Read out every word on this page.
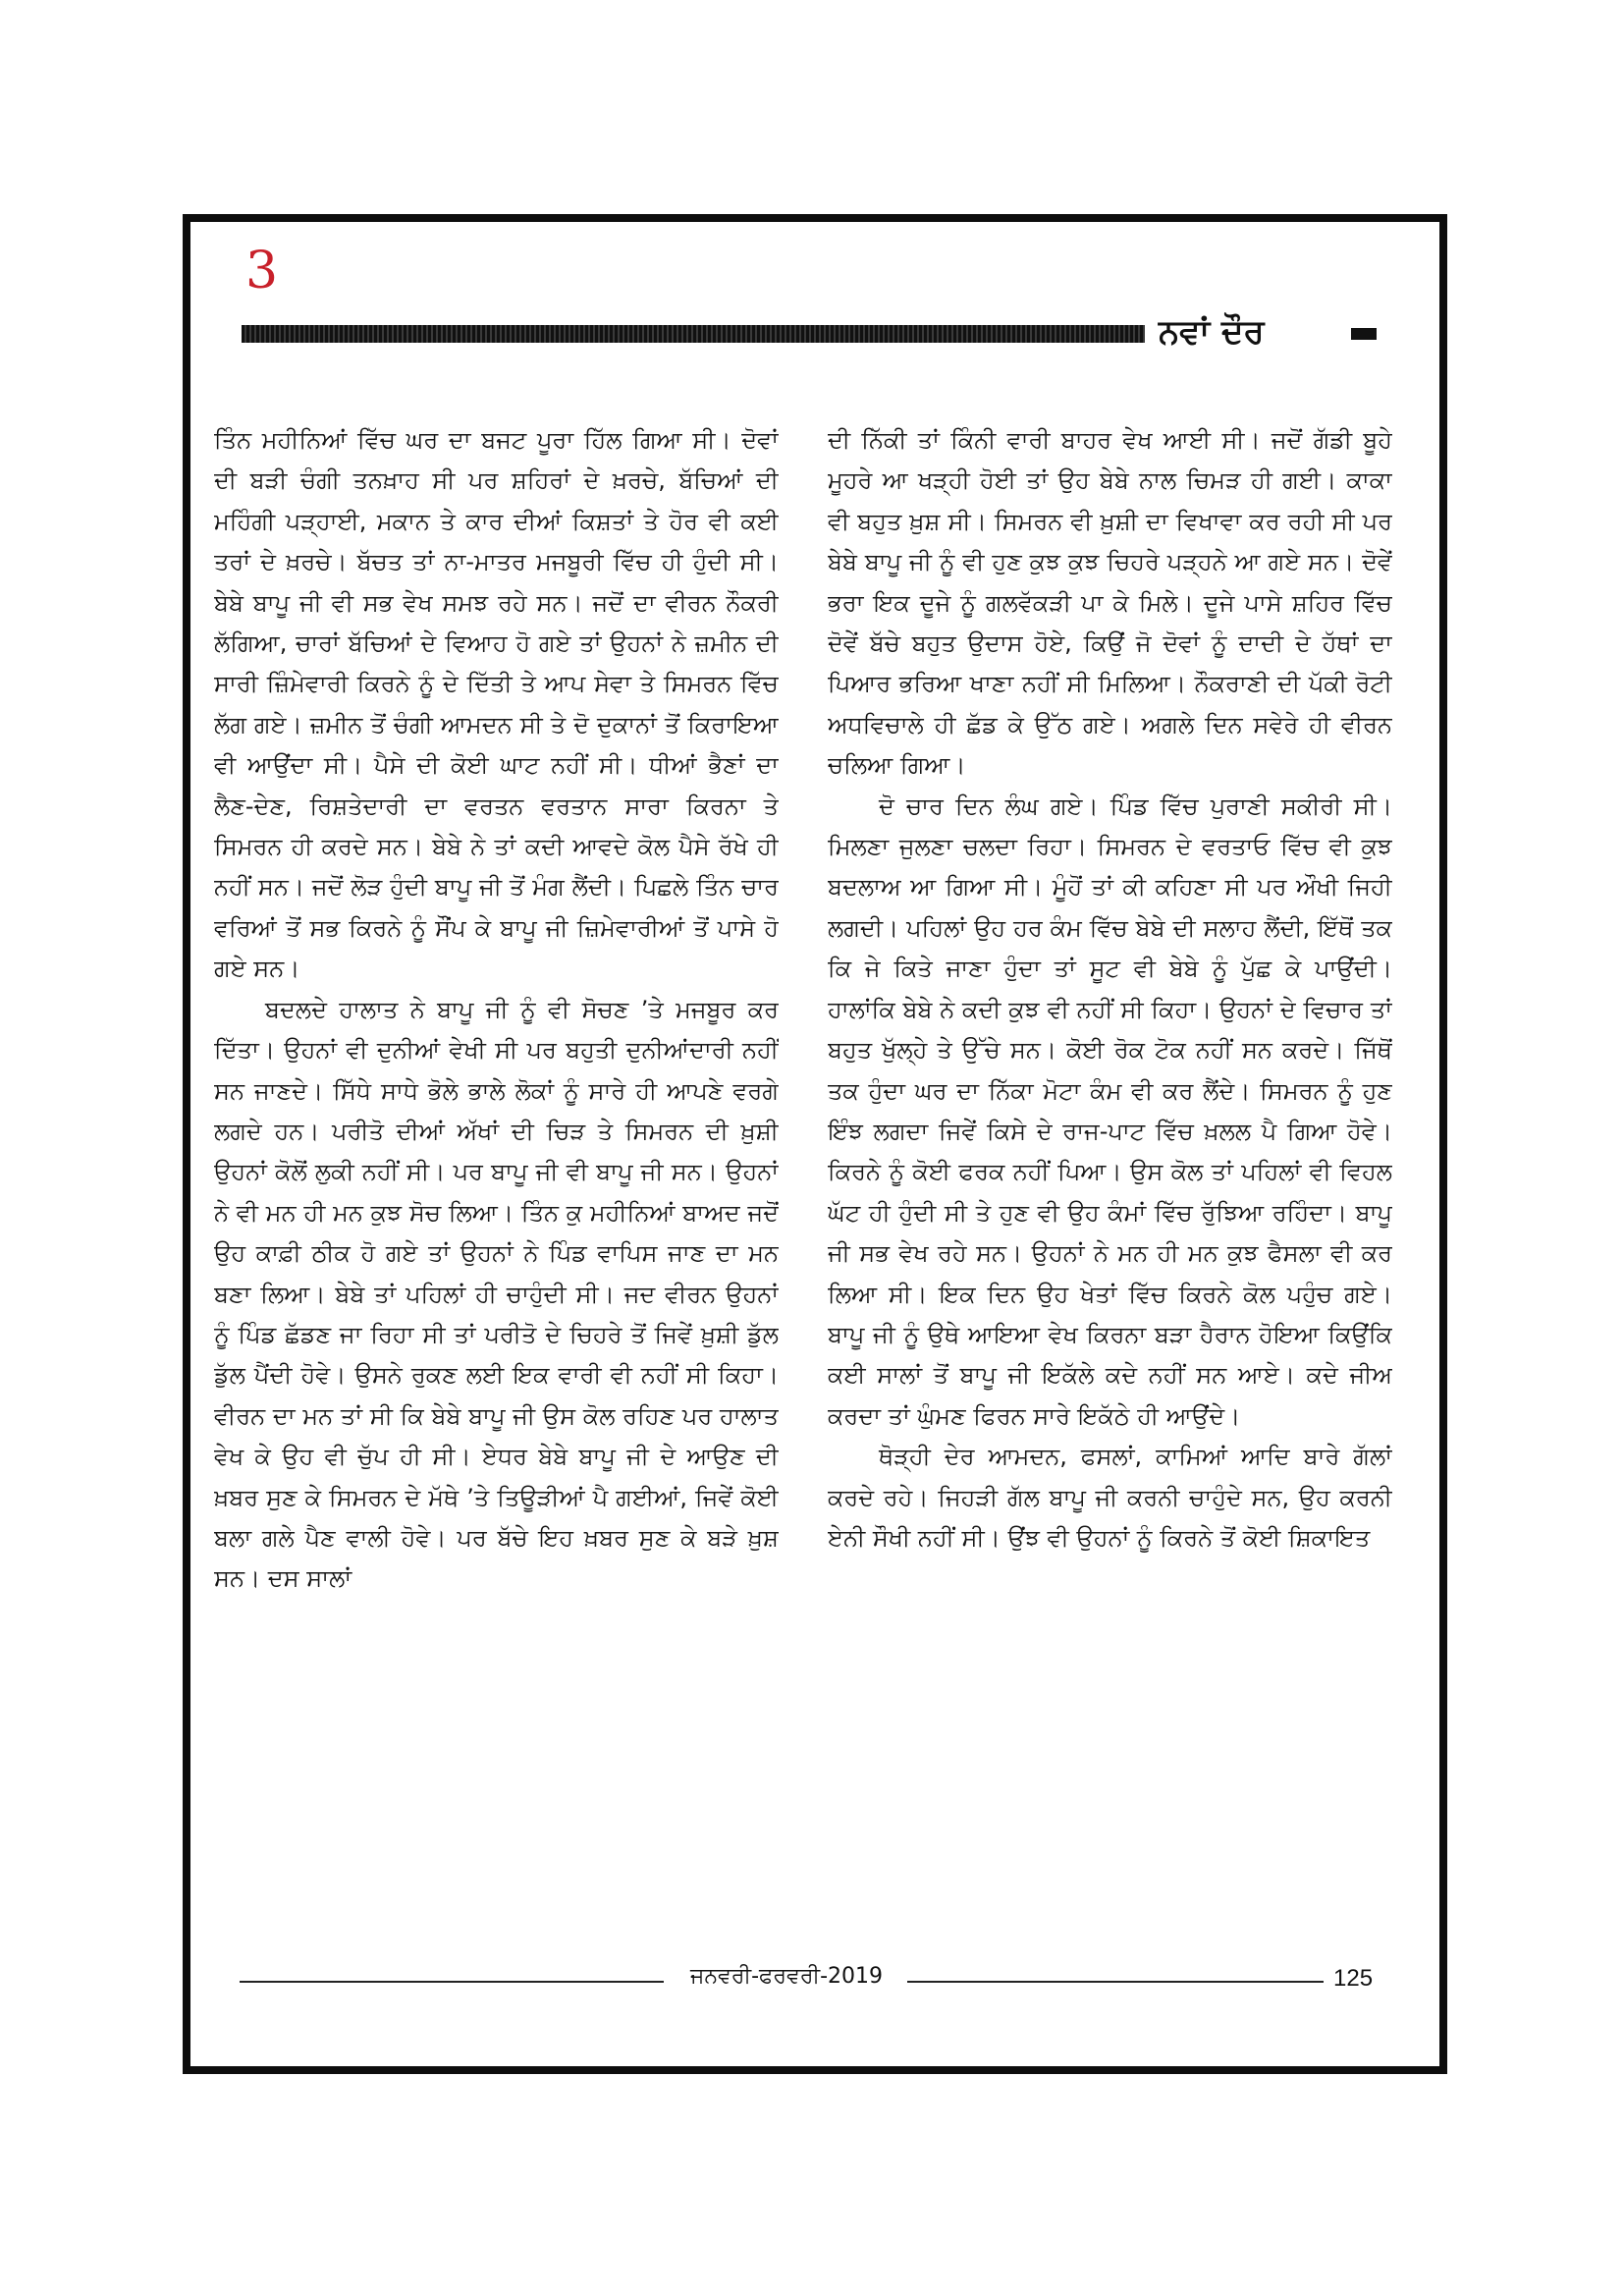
3
ਨਵਾਂ ਦੌਰ

ਤਿੰਨ ਮਹੀਨਿਆਂ ਵਿੱਚ ਘਰ ਦਾ ਬਜਟ ਪੂਰਾ ਹਿੱਲ ਗਿਆ ਸੀ। ਦੋਵਾਂ ਦੀ ਬੜੀ ਚੰਗੀ ਤਨਖ਼ਾਹ ਸੀ ਪਰ ਸ਼ਹਿਰਾਂ ਦੇ ਖ਼ਰਚੇ, ਬੱਚਿਆਂ ਦੀ ਮਹਿੰਗੀ ਪੜ੍ਹਾਈ, ਮਕਾਨ ਤੇ ਕਾਰ ਦੀਆਂ ਕਿਸ਼ਤਾਂ ਤੇ ਹੋਰ ਵੀ ਕਈ ਤਰਾਂ ਦੇ ਖ਼ਰਚੇ। ਬੱਚਤ ਤਾਂ ਨਾ-ਮਾਤਰ ਮਜਬੂਰੀ ਵਿੱਚ ਹੀ ਹੁੰਦੀ ਸੀ। ਬੇਬੇ ਬਾਪੂ ਜੀ ਵੀ ਸਭ ਵੇਖ ਸਮਝ ਰਹੇ ਸਨ। ਜਦੋਂ ਦਾ ਵੀਰਨ ਨੌਕਰੀ ਲੱਗਿਆ, ਚਾਰਾਂ ਬੱਚਿਆਂ ਦੇ ਵਿਆਹ ਹੋ ਗਏ ਤਾਂ ਉਹਨਾਂ ਨੇ ਜ਼ਮੀਨ ਦੀ ਸਾਰੀ ਜ਼ਿੰਮੇਵਾਰੀ ਕਿਰਨੇ ਨੂੰ ਦੇ ਦਿੱਤੀ ਤੇ ਆਪ ਸੇਵਾ ਤੇ ਸਿਮਰਨ ਵਿੱਚ ਲੱਗ ਗਏ। ਜ਼ਮੀਨ ਤੋਂ ਚੰਗੀ ਆਮਦਨ ਸੀ ਤੇ ਦੋ ਦੁਕਾਨਾਂ ਤੋਂ ਕਿਰਾਇਆ ਵੀ ਆਉਂਦਾ ਸੀ। ਪੈਸੇ ਦੀ ਕੋਈ ਘਾਟ ਨਹੀਂ ਸੀ। ਧੀਆਂ ਭੈਣਾਂ ਦਾ ਲੈਣ-ਦੇਣ, ਰਿਸ਼ਤੇਦਾਰੀ ਦਾ ਵਰਤਨ ਵਰਤਾਨ ਸਾਰਾ ਕਿਰਨਾ ਤੇ ਸਿਮਰਨ ਹੀ ਕਰਦੇ ਸਨ। ਬੇਬੇ ਨੇ ਤਾਂ ਕਦੀ ਆਵਦੇ ਕੋਲ ਪੈਸੇ ਰੱਖੇ ਹੀ ਨਹੀਂ ਸਨ। ਜਦੋਂ ਲੋੜ ਹੁੰਦੀ ਬਾਪੂ ਜੀ ਤੋਂ ਮੰਗ ਲੈਂਦੀ। ਪਿਛਲੇ ਤਿੰਨ ਚਾਰ ਵਰਿਆਂ ਤੋਂ ਸਭ ਕਿਰਨੇ ਨੂੰ ਸੌਂਪ ਕੇ ਬਾਪੂ ਜੀ ਜ਼ਿਮੇਵਾਰੀਆਂ ਤੋਂ ਪਾਸੇ ਹੋ ਗਏ ਸਨ।

ਬਦਲਦੇ ਹਾਲਾਤ ਨੇ ਬਾਪੂ ਜੀ ਨੂੰ ਵੀ ਸੋਚਣ ’ਤੇ ਮਜਬੂਰ ਕਰ ਦਿੱਤਾ। ਉਹਨਾਂ ਵੀ ਦੁਨੀਆਂ ਵੇਖੀ ਸੀ ਪਰ ਬਹੁਤੀ ਦੁਨੀਆਂਦਾਰੀ ਨਹੀਂ ਸਨ ਜਾਣਦੇ। ਸਿੱਧੇ ਸਾਧੇ ਭੋਲੇ ਭਾਲੇ ਲੋਕਾਂ ਨੂੰ ਸਾਰੇ ਹੀ ਆਪਣੇ ਵਰਗੇ ਲਗਦੇ ਹਨ। ਪਰੀਤੋ ਦੀਆਂ ਅੱਖਾਂ ਦੀ ਚਿੜ ਤੇ ਸਿਮਰਨ ਦੀ ਖ਼ੁਸ਼ੀ ਉਹਨਾਂ ਕੋਲੋਂ ਲੁਕੀ ਨਹੀਂ ਸੀ। ਪਰ ਬਾਪੂ ਜੀ ਵੀ ਬਾਪੂ ਜੀ ਸਨ। ਉਹਨਾਂ ਨੇ ਵੀ ਮਨ ਹੀ ਮਨ ਕੁਝ ਸੋਚ ਲਿਆ। ਤਿੰਨ ਕੁ ਮਹੀਨਿਆਂ ਬਾਅਦ ਜਦੋਂ ਉਹ ਕਾਫ਼ੀ ਠੀਕ ਹੋ ਗਏ ਤਾਂ ਉਹਨਾਂ ਨੇ ਪਿੰਡ ਵਾਪਿਸ ਜਾਣ ਦਾ ਮਨ ਬਣਾ ਲਿਆ। ਬੇਬੇ ਤਾਂ ਪਹਿਲਾਂ ਹੀ ਚਾਹੁੰਦੀ ਸੀ। ਜਦ ਵੀਰਨ ਉਹਨਾਂ ਨੂੰ ਪਿੰਡ ਛੱਡਣ ਜਾ ਰਿਹਾ ਸੀ ਤਾਂ ਪਰੀਤੋ ਦੇ ਚਿਹਰੇ ਤੋਂ ਜਿਵੇਂ ਖ਼ੁਸ਼ੀ ਡੁੱਲ ਡੁੱਲ ਪੈਂਦੀ ਹੋਵੇ। ਉਸਨੇ ਰੁਕਣ ਲਈ ਇਕ ਵਾਰੀ ਵੀ ਨਹੀਂ ਸੀ ਕਿਹਾ। ਵੀਰਨ ਦਾ ਮਨ ਤਾਂ ਸੀ ਕਿ ਬੇਬੇ ਬਾਪੂ ਜੀ ਉਸ ਕੋਲ ਰਹਿਣ ਪਰ ਹਾਲਾਤ ਵੇਖ ਕੇ ਉਹ ਵੀ ਚੁੱਪ ਹੀ ਸੀ। ਏਧਰ ਬੇਬੇ ਬਾਪੂ ਜੀ ਦੇ ਆਉਣ ਦੀ ਖ਼ਬਰ ਸੁਣ ਕੇ ਸਿਮਰਨ ਦੇ ਮੱਥੇ ’ਤੇ ਤਿਊੜੀਆਂ ਪੈ ਗਈਆਂ, ਜਿਵੇਂ ਕੋਈ ਬਲਾ ਗਲੇ ਪੈਣ ਵਾਲੀ ਹੋਵੇ। ਪਰ ਬੱਚੇ ਇਹ ਖ਼ਬਰ ਸੁਣ ਕੇ ਬੜੇ ਖ਼ੁਸ਼ ਸਨ। ਦਸ ਸਾਲਾਂ

ਦੀ ਨਿੱਕੀ ਤਾਂ ਕਿੰਨੀ ਵਾਰੀ ਬਾਹਰ ਵੇਖ ਆਈ ਸੀ। ਜਦੋਂ ਗੱਡੀ ਬੂਹੇ ਮੂਹਰੇ ਆ ਖੜ੍ਹੀ ਹੋਈ ਤਾਂ ਉਹ ਬੇਬੇ ਨਾਲ ਚਿਮੜ ਹੀ ਗਈ। ਕਾਕਾ ਵੀ ਬਹੁਤ ਖ਼ੁਸ਼ ਸੀ। ਸਿਮਰਨ ਵੀ ਖ਼ੁਸ਼ੀ ਦਾ ਵਿਖਾਵਾ ਕਰ ਰਹੀ ਸੀ ਪਰ ਬੇਬੇ ਬਾਪੂ ਜੀ ਨੂੰ ਵੀ ਹੁਣ ਕੁਝ ਕੁਝ ਚਿਹਰੇ ਪੜ੍ਹਨੇ ਆ ਗਏ ਸਨ। ਦੋਵੇਂ ਭਰਾ ਇਕ ਦੂਜੇ ਨੂੰ ਗਲਵੱਕੜੀ ਪਾ ਕੇ ਮਿਲੇ। ਦੂਜੇ ਪਾਸੇ ਸ਼ਹਿਰ ਵਿੱਚ ਦੋਵੇਂ ਬੱਚੇ ਬਹੁਤ ਉਦਾਸ ਹੋਏ, ਕਿਉਂ ਜੋ ਦੋਵਾਂ ਨੂੰ ਦਾਦੀ ਦੇ ਹੱਥਾਂ ਦਾ ਪਿਆਰ ਭਰਿਆ ਖਾਣਾ ਨਹੀਂ ਸੀ ਮਿਲਿਆ। ਨੌਕਰਾਣੀ ਦੀ ਪੱਕੀ ਰੋਟੀ ਅਧਵਿਚਾਲੇ ਹੀ ਛੱਡ ਕੇ ਉੱਠ ਗਏ। ਅਗਲੇ ਦਿਨ ਸਵੇਰੇ ਹੀ ਵੀਰਨ ਚਲਿਆ ਗਿਆ।

ਦੋ ਚਾਰ ਦਿਨ ਲੰਘ ਗਏ। ਪਿੰਡ ਵਿੱਚ ਪੁਰਾਣੀ ਸਕੀਰੀ ਸੀ। ਮਿਲਣਾ ਜੁਲਣਾ ਚਲਦਾ ਰਿਹਾ। ਸਿਮਰਨ ਦੇ ਵਰਤਾਓ ਵਿੱਚ ਵੀ ਕੁਝ ਬਦਲਾਅ ਆ ਗਿਆ ਸੀ। ਮੂੰਹੋਂ ਤਾਂ ਕੀ ਕਹਿਣਾ ਸੀ ਪਰ ਔਖੀ ਜਿਹੀ ਲਗਦੀ। ਪਹਿਲਾਂ ਉਹ ਹਰ ਕੰਮ ਵਿੱਚ ਬੇਬੇ ਦੀ ਸਲਾਹ ਲੈਂਦੀ, ਇੱਥੋਂ ਤਕ ਕਿ ਜੇ ਕਿਤੇ ਜਾਣਾ ਹੁੰਦਾ ਤਾਂ ਸੂਟ ਵੀ ਬੇਬੇ ਨੂੰ ਪੁੱਛ ਕੇ ਪਾਉਂਦੀ। ਹਾਲਾਂਕਿ ਬੇਬੇ ਨੇ ਕਦੀ ਕੁਝ ਵੀ ਨਹੀਂ ਸੀ ਕਿਹਾ। ਉਹਨਾਂ ਦੇ ਵਿਚਾਰ ਤਾਂ ਬਹੁਤ ਖੁੱਲ੍ਹੇ ਤੇ ਉੱਚੇ ਸਨ। ਕੋਈ ਰੋਕ ਟੋਕ ਨਹੀਂ ਸਨ ਕਰਦੇ। ਜਿੱਥੋਂ ਤਕ ਹੁੰਦਾ ਘਰ ਦਾ ਨਿੱਕਾ ਮੋਟਾ ਕੰਮ ਵੀ ਕਰ ਲੈਂਦੇ। ਸਿਮਰਨ ਨੂੰ ਹੁਣ ਇੰਝ ਲਗਦਾ ਜਿਵੇਂ ਕਿਸੇ ਦੇ ਰਾਜ-ਪਾਟ ਵਿੱਚ ਖ਼ਲਲ ਪੈ ਗਿਆ ਹੋਵੇ। ਕਿਰਨੇ ਨੂੰ ਕੋਈ ਫਰਕ ਨਹੀਂ ਪਿਆ। ਉਸ ਕੋਲ ਤਾਂ ਪਹਿਲਾਂ ਵੀ ਵਿਹਲ ਘੱਟ ਹੀ ਹੁੰਦੀ ਸੀ ਤੇ ਹੁਣ ਵੀ ਉਹ ਕੰਮਾਂ ਵਿੱਚ ਰੁੱਝਿਆ ਰਹਿੰਦਾ। ਬਾਪੂ ਜੀ ਸਭ ਵੇਖ ਰਹੇ ਸਨ। ਉਹਨਾਂ ਨੇ ਮਨ ਹੀ ਮਨ ਕੁਝ ਫੈਸਲਾ ਵੀ ਕਰ ਲਿਆ ਸੀ। ਇਕ ਦਿਨ ਉਹ ਖੇਤਾਂ ਵਿੱਚ ਕਿਰਨੇ ਕੋਲ ਪਹੁੰਚ ਗਏ। ਬਾਪੂ ਜੀ ਨੂੰ ਉਥੇ ਆਇਆ ਵੇਖ ਕਿਰਨਾ ਬੜਾ ਹੈਰਾਨ ਹੋਇਆ ਕਿਉਂਕਿ ਕਈ ਸਾਲਾਂ ਤੋਂ ਬਾਪੂ ਜੀ ਇਕੱਲੇ ਕਦੇ ਨਹੀਂ ਸਨ ਆਏ। ਕਦੇ ਜੀਅ ਕਰਦਾ ਤਾਂ ਘੁੰਮਣ ਫਿਰਨ ਸਾਰੇ ਇਕੱਠੇ ਹੀ ਆਉਂਦੇ।

ਥੋੜ੍ਹੀ ਦੇਰ ਆਮਦਨ, ਫਸਲਾਂ, ਕਾਮਿਆਂ ਆਦਿ ਬਾਰੇ ਗੱਲਾਂ ਕਰਦੇ ਰਹੇ। ਜਿਹੜੀ ਗੱਲ ਬਾਪੂ ਜੀ ਕਰਨੀ ਚਾਹੁੰਦੇ ਸਨ, ਉਹ ਕਰਨੀ ਏਨੀ ਸੌਖੀ ਨਹੀਂ ਸੀ। ਉਂਝ ਵੀ ਉਹਨਾਂ ਨੂੰ ਕਿਰਨੇ ਤੋਂ ਕੋਈ ਸ਼ਿਕਾਇਤ

ਜਨਵਰੀ-ਫਰਵਰੀ-2019	125
